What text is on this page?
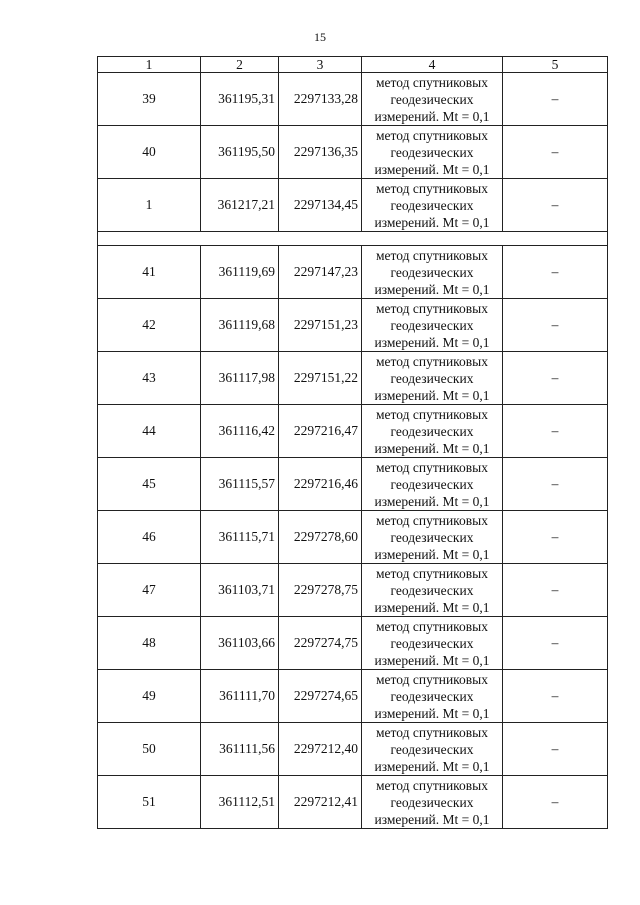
15
1	2	3	4	5
39	361195,31	2297133,28	метод спутниковых геодезических измерений. Mt = 0,1	–
40	361195,50	2297136,35	метод спутниковых геодезических измерений. Mt = 0,1	–
1	361217,21	2297134,45	метод спутниковых геодезических измерений. Mt = 0,1	–

41	361119,69	2297147,23	метод спутниковых геодезических измерений. Mt = 0,1	–
42	361119,68	2297151,23	метод спутниковых геодезических измерений. Mt = 0,1	–
43	361117,98	2297151,22	метод спутниковых геодезических измерений. Mt = 0,1	–
44	361116,42	2297216,47	метод спутниковых геодезических измерений. Mt = 0,1	–
45	361115,57	2297216,46	метод спутниковых геодезических измерений. Mt = 0,1	–
46	361115,71	2297278,60	метод спутниковых геодезических измерений. Mt = 0,1	–
47	361103,71	2297278,75	метод спутниковых геодезических измерений. Mt = 0,1	–
48	361103,66	2297274,75	метод спутниковых геодезических измерений. Mt = 0,1	–
49	361111,70	2297274,65	метод спутниковых геодезических измерений. Mt = 0,1	–
50	361111,56	2297212,40	метод спутниковых геодезических измерений. Mt = 0,1	–
51	361112,51	2297212,41	метод спутниковых геодезических измерений. Mt = 0,1	–
